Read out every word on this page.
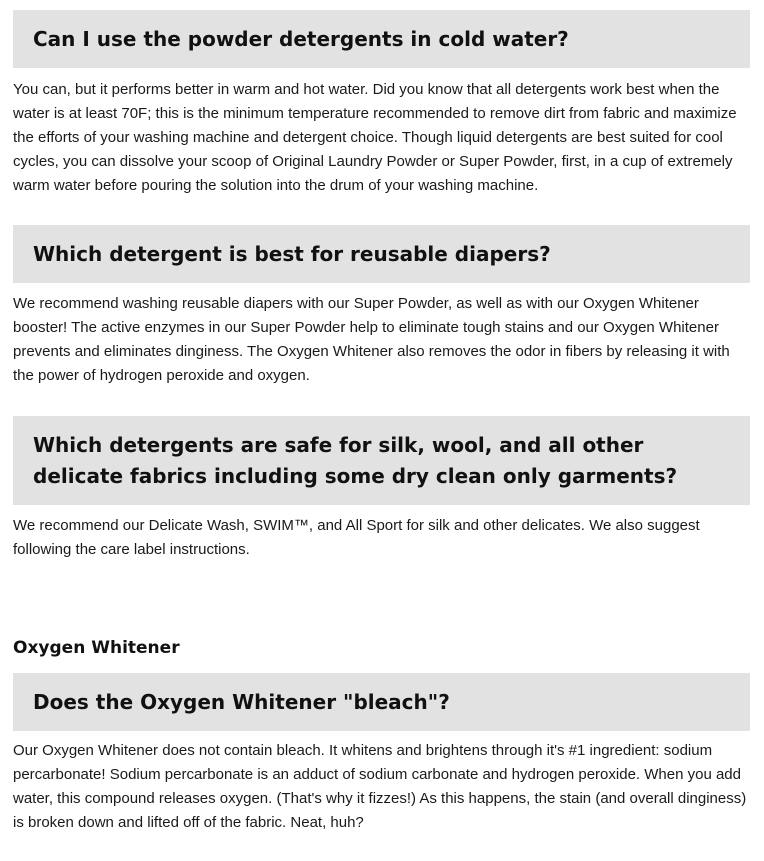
Can I use the powder detergents in cold water?

You can, but it performs better in warm and hot water. Did you know that all detergents work best when the water is at least 70F; this is the minimum temperature recommended to remove dirt from fabric and maximize the efforts of your washing machine and detergent choice. Though liquid detergents are best suited for cool cycles, you can dissolve your scoop of Original Laundry Powder or Super Powder, first, in a cup of extremely warm water before pouring the solution into the drum of your washing machine.

Which detergent is best for reusable diapers?

We recommend washing reusable diapers with our Super Powder, as well as with our Oxygen Whitener booster! The active enzymes in our Super Powder help to eliminate tough stains and our Oxygen Whitener prevents and eliminates dinginess. The Oxygen Whitener also removes the odor in fibers by releasing it with the power of hydrogen peroxide and oxygen.

Which detergents are safe for silk, wool, and all other delicate fabrics including some dry clean only garments?

We recommend our Delicate Wash, SWIM™, and All Sport for silk and other delicates. We also suggest following the care label instructions.

Oxygen Whitener
Does the Oxygen Whitener "bleach"?

Our Oxygen Whitener does not contain bleach. It whitens and brightens through it's #1 ingredient: sodium percarbonate! Sodium percarbonate is an adduct of sodium carbonate and hydrogen peroxide. When you add water, this compound releases oxygen. (That's why it fizzes!) As this happens, the stain (and overall dinginess) is broken down and lifted off of the fabric. Neat, huh?
